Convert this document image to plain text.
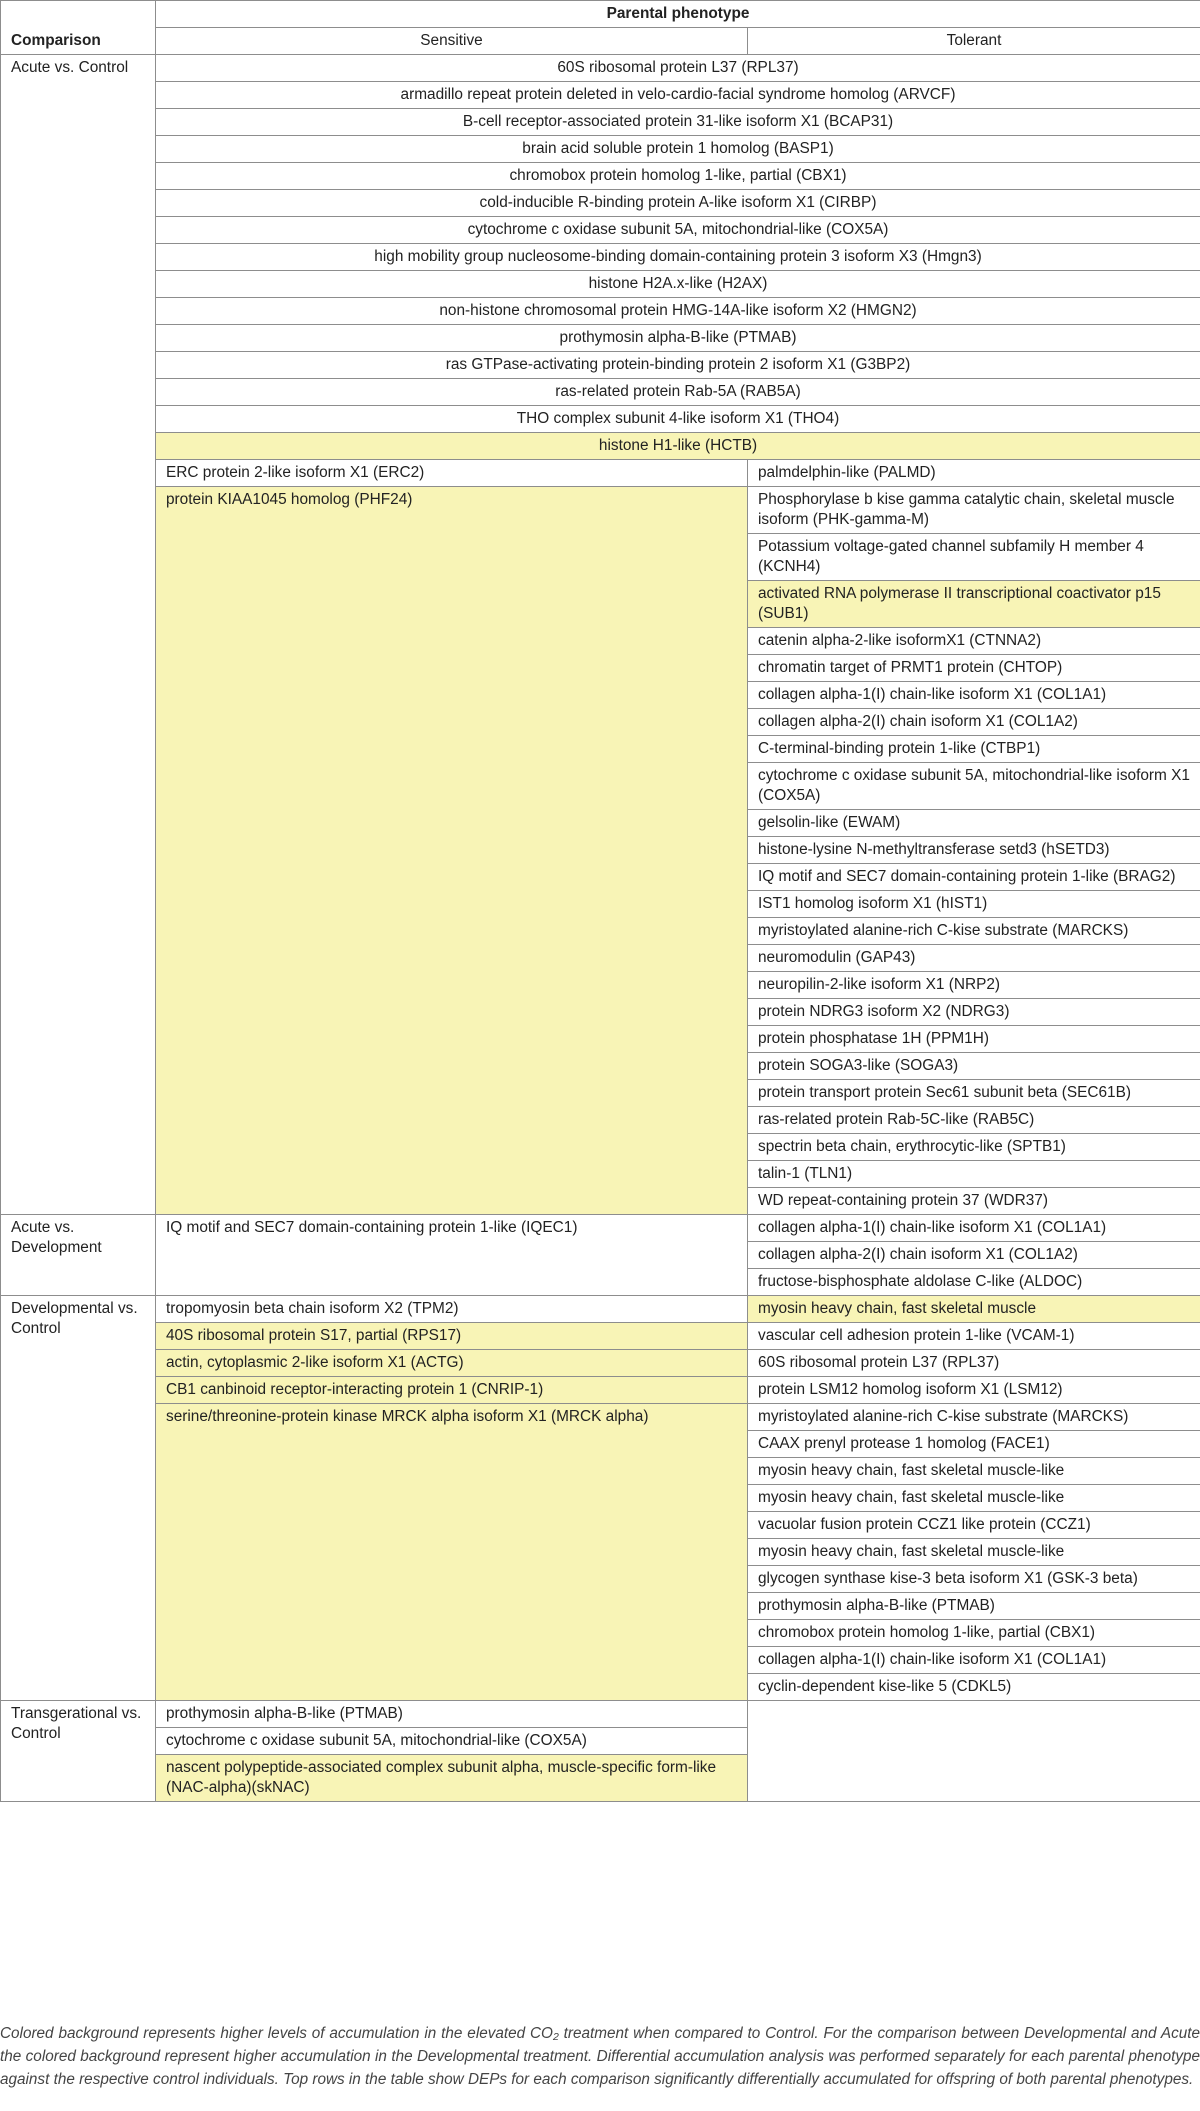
Comparison	Parental phenotype	
	Sensitive	Tolerant
Acute vs. Control	60S ribosomal protein L37 (RPL37)	
	armadillo repeat protein deleted in velo-cardio-facial syndrome homolog (ARVCF)	
	B-cell receptor-associated protein 31-like isoform X1 (BCAP31)	
	brain acid soluble protein 1 homolog (BASP1)	
	chromobox protein homolog 1-like, partial (CBX1)	
	cold-inducible R-binding protein A-like isoform X1 (CIRBP)	
	cytochrome c oxidase subunit 5A, mitochondrial-like (COX5A)	
	high mobility group nucleosome-binding domain-containing protein 3 isoform X3 (Hmgn3)	
	histone H2A.x-like (H2AX)	
	non-histone chromosomal protein HMG-14A-like isoform X2 (HMGN2)	
	prothymosin alpha-B-like (PTMAB)	
	ras GTPase-activating protein-binding protein 2 isoform X1 (G3BP2)	
	ras-related protein Rab-5A (RAB5A)	
	THO complex subunit 4-like isoform X1 (THO4)	
	histone H1-like (HCTB)	
	ERC protein 2-like isoform X1 (ERC2)	palmdelphin-like (PALMD)
	protein KIAA1045 homolog (PHF24)	Phosphorylase b kise gamma catalytic chain, skeletal muscle isoform (PHK-gamma-M)
		Potassium voltage-gated channel subfamily H member 4 (KCNH4)
		activated RNA polymerase II transcriptional coactivator p15 (SUB1)
		catenin alpha-2-like isoformX1 (CTNNA2)
		chromatin target of PRMT1 protein (CHTOP)
		collagen alpha-1(I) chain-like isoform X1 (COL1A1)
		collagen alpha-2(I) chain isoform X1 (COL1A2)
		C-terminal-binding protein 1-like (CTBP1)
		cytochrome c oxidase subunit 5A, mitochondrial-like isoform X1 (COX5A)
		gelsolin-like (EWAM)
		histone-lysine N-methyltransferase setd3 (hSETD3)
		IQ motif and SEC7 domain-containing protein 1-like (BRAG2)
		IST1 homolog isoform X1 (hIST1)
		myristoylated alanine-rich C-kise substrate (MARCKS)
		neuromodulin (GAP43)
		neuropilin-2-like isoform X1 (NRP2)
		protein NDRG3 isoform X2 (NDRG3)
		protein phosphatase 1H (PPM1H)
		protein SOGA3-like (SOGA3)
		protein transport protein Sec61 subunit beta (SEC61B)
		ras-related protein Rab-5C-like (RAB5C)
		spectrin beta chain, erythrocytic-like (SPTB1)
		talin-1 (TLN1)
		WD repeat-containing protein 37 (WDR37)
Acute vs. Development	IQ motif and SEC7 domain-containing protein 1-like (IQEC1)	collagen alpha-1(I) chain-like isoform X1 (COL1A1)
		collagen alpha-2(I) chain isoform X1 (COL1A2)
		fructose-bisphosphate aldolase C-like (ALDOC)
Developmental vs. Control	tropomyosin beta chain isoform X2 (TPM2)	myosin heavy chain, fast skeletal muscle
	40S ribosomal protein S17, partial (RPS17)	vascular cell adhesion protein 1-like (VCAM-1)
	actin, cytoplasmic 2-like isoform X1 (ACTG)	60S ribosomal protein L37 (RPL37)
	CB1 canbinoid receptor-interacting protein 1 (CNRIP-1)	protein LSM12 homolog isoform X1 (LSM12)
	serine/threonine-protein kinase MRCK alpha isoform X1 (MRCK alpha)	myristoylated alanine-rich C-kise substrate (MARCKS)
		CAAX prenyl protease 1 homolog (FACE1)
		myosin heavy chain, fast skeletal muscle-like
		myosin heavy chain, fast skeletal muscle-like
		vacuolar fusion protein CCZ1 like protein (CCZ1)
		myosin heavy chain, fast skeletal muscle-like
		glycogen synthase kise-3 beta isoform X1 (GSK-3 beta)
		prothymosin alpha-B-like (PTMAB)
		chromobox protein homolog 1-like, partial (CBX1)
		collagen alpha-1(I) chain-like isoform X1 (COL1A1)
		cyclin-dependent kise-like 5 (CDKL5)
Transgerational vs. Control	prothymosin alpha-B-like (PTMAB)	
	cytochrome c oxidase subunit 5A, mitochondrial-like (COX5A)	
	nascent polypeptide-associated complex subunit alpha, muscle-specific form-like (NAC-alpha)(skNAC)	
Colored background represents higher levels of accumulation in the elevated CO₂ treatment when compared to Control. For the comparison between Developmental and Acute the colored background represent higher accumulation in the Developmental treatment. Differential accumulation analysis was performed separately for each parental phenotype against the respective control individuals. Top rows in the table show DEPs for each comparison significantly differentially accumulated for offspring of both parental phenotypes.
